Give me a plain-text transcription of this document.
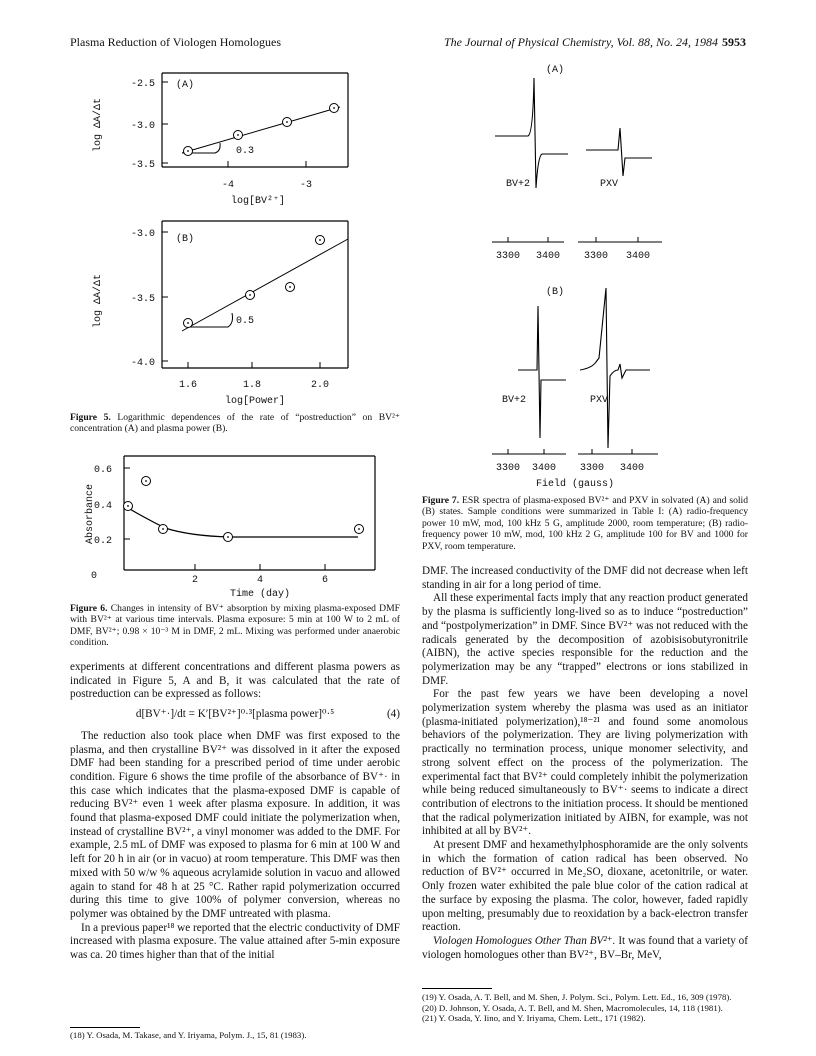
Plasma Reduction of Viologen Homologues	The Journal of Physical Chemistry, Vol. 88, No. 24, 1984 5953
-2.5
-3.0
-3.5
-4	-3
log[BV²⁺]
(A)
0.3
log ΔA/Δt
-3.0
-3.5
-4.0
1.6	1.8	2.0
log[Power]
(B)
0.5
log ΔA/Δt
Figure 5. Logarithmic dependences of the rate of “postreduction” on BV²⁺ concentration (A) and plasma power (B).
0.6
0.4
0.2
0	2	4	6
Time (day)
Absorbance
Figure 6. Changes in intensity of BV⁺ absorption by mixing plasma-exposed DMF with BV²⁺ at various time intervals. Plasma exposure: 5 min at 100 W to 2 mL of DMF, BV²⁺; 0.98 × 10⁻³ M in DMF, 2 mL. Mixing was performed under anaerobic condition.

experiments at different concentrations and different plasma powers as indicated in Figure 5, A and B, it was calculated that the rate of postreduction can be expressed as follows:

d[BV⁺·]/dt = K′[BV²⁺]⁰·³[plasma power]⁰·⁵	(4)

The reduction also took place when DMF was first exposed to the plasma, and then crystalline BV²⁺ was dissolved in it after the exposed DMF had been standing for a prescribed period of time under aerobic condition. Figure 6 shows the time profile of the absorbance of BV⁺· in this case which indicates that the plasma-exposed DMF is capable of reducing BV²⁺ even 1 week after plasma exposure. In addition, it was found that plasma-exposed DMF could initiate the polymerization when, instead of crystalline BV²⁺, a vinyl monomer was added to the DMF. For example, 2.5 mL of DMF was exposed to plasma for 6 min at 100 W and left for 20 h in air (or in vacuo) at room temperature. This DMF was then mixed with 50 w/w % aqueous acrylamide solution in vacuo and allowed again to stand for 48 h at 25 °C. Rather rapid polymerization occurred during this time to give 100% of polymer conversion, whereas no polymer was obtained by the DMF untreated with plasma.

In a previous paper¹⁸ we reported that the electric conductivity of DMF increased with plasma exposure. The value attained after 5-min exposure was ca. 20 times higher than that of the initial

(18) Y. Osada, M. Takase, and Y. Iriyama, Polym. J., 15, 81 (1983).

(A)
BV+2	PXV
3300 3400 3300 3400
(B)
BV+2	PXV
3300 3400 3300 3400
Field (gauss)
Figure 7. ESR spectra of plasma-exposed BV²⁺ and PXV in solvated (A) and solid (B) states. Sample conditions were summarized in Table I: (A) radio-frequency power 10 mW, mod, 100 kHz 5 G, amplitude 2000, room temperature; (B) radio-frequency power 10 mW, mod, 100 kHz 2 G, amplitude 100 for BV and 1000 for PXV, room temperature.

DMF. The increased conductivity of the DMF did not decrease when left standing in air for a long period of time.

All these experimental facts imply that any reaction product generated by the plasma is sufficiently long-lived so as to induce “postreduction” and “postpolymerization” in DMF. Since BV²⁺ was not reduced with the radicals generated by the decomposition of azobisisobutyronitrile (AIBN), the active species responsible for the reduction and the polymerization may be any “trapped” electrons or ions stabilized in DMF.

For the past few years we have been developing a novel polymerization system whereby the plasma was used as an initiator (plasma-initiated polymerization),¹⁸⁻²¹ and found some anomolous behaviors of the polymerization. They are living polymerization with practically no termination process, unique monomer selectivity, and strong solvent effect on the process of the polymerization. The experimental fact that BV²⁺ could completely inhibit the polymerization while being reduced simultaneously to BV⁺· seems to indicate a direct contribution of electrons to the initiation process. It should be mentioned that the radical polymerization initiated by AIBN, for example, was not inhibited at all by BV²⁺.

At present DMF and hexamethylphosphoramide are the only solvents in which the formation of cation radical has been observed. No reduction of BV²⁺ occurred in Me₂SO, dioxane, acetonitrile, or water. Only frozen water exhibited the pale blue color of the cation radical at the surface by exposing the plasma. The color, however, faded rapidly upon melting, presumably due to reoxidation by a back-electron transfer reaction.

Viologen Homologues Other Than BV²⁺. It was found that a variety of viologen homologues other than BV²⁺, BV–Br, MeV,

(19) Y. Osada, A. T. Bell, and M. Shen, J. Polym. Sci., Polym. Lett. Ed., 16, 309 (1978).

(20) D. Johnson, Y. Osada, A. T. Bell, and M. Shen, Macromolecules, 14, 118 (1981).

(21) Y. Osada, Y. Iino, and Y. Iriyama, Chem. Lett., 171 (1982).
